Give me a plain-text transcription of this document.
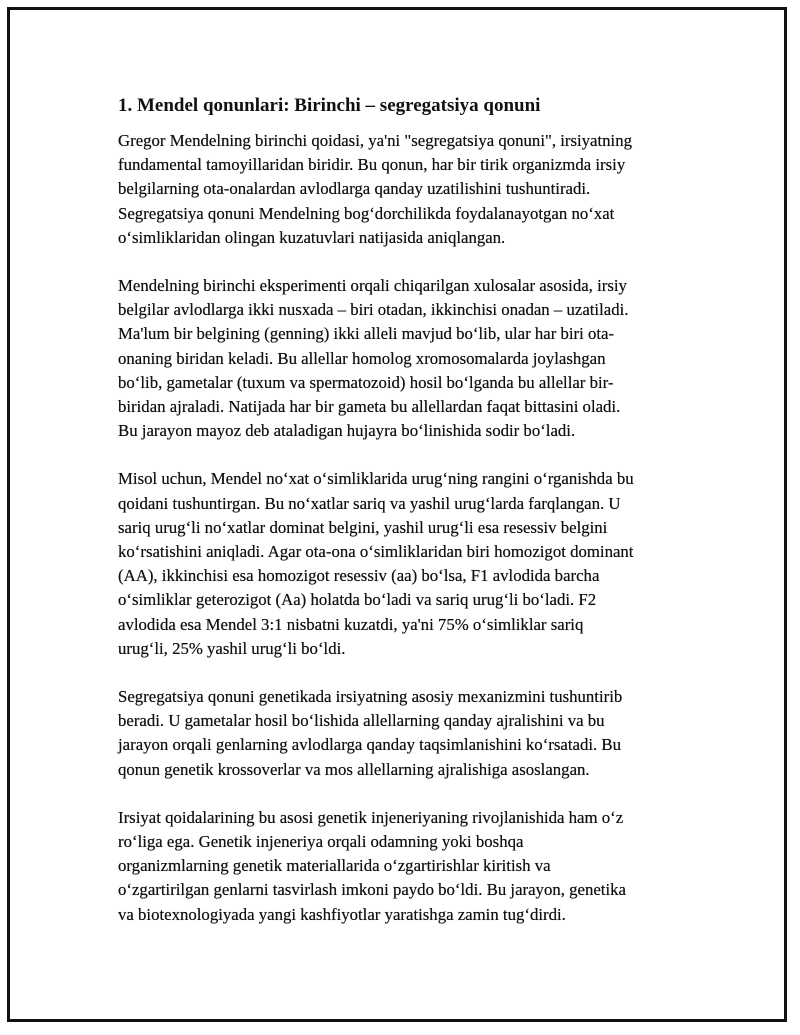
1. Mendel qonunlari: Birinchi – segregatsiya qonuni
Gregor Mendelning birinchi qoidasi, ya'ni "segregatsiya qonuni", irsiyatning
fundamental tamoyillaridan biridir. Bu qonun, har bir tirik organizmda irsiy
belgilarning ota-onalardan avlodlarga qanday uzatilishini tushuntiradi.
Segregatsiya qonuni Mendelning bogʻdorchilikda foydalanayotgan noʻxat
oʻsimliklaridan olingan kuzatuvlari natijasida aniqlangan.
Mendelning birinchi eksperimenti orqali chiqarilgan xulosalar asosida, irsiy
belgilar avlodlarga ikki nusxada – biri otadan, ikkinchisi onadan – uzatiladi.
Ma'lum bir belgining (genning) ikki alleli mavjud boʻlib, ular har biri ota-
onaning biridan keladi. Bu allellar homolog xromosomalarda joylashgan
boʻlib, gametalar (tuxum va spermatozoid) hosil boʻlganda bu allellar bir-
biridan ajraladi. Natijada har bir gameta bu allellardan faqat bittasini oladi.
Bu jarayon mayoz deb ataladigan hujayra boʻlinishida sodir boʻladi.
Misol uchun, Mendel noʻxat oʻsimliklarida urugʻning rangini oʻrganishda bu
qoidani tushuntirgan. Bu noʻxatlar sariq va yashil urugʻlarda farqlangan. U
sariq urugʻli noʻxatlar dominat belgini, yashil urugʻli esa resessiv belgini
koʻrsatishini aniqladi. Agar ota-ona oʻsimliklaridan biri homozigot dominant
(AA), ikkinchisi esa homozigot resessiv (aa) boʻlsa, F1 avlodida barcha
oʻsimliklar geterozigot (Aa) holatda boʻladi va sariq urugʻli boʻladi. F2
avlodida esa Mendel 3:1 nisbatni kuzatdi, ya'ni 75% oʻsimliklar sariq
urugʻli, 25% yashil urugʻli boʻldi.
Segregatsiya qonuni genetikada irsiyatning asosiy mexanizmini tushuntirib
beradi. U gametalar hosil boʻlishida allellarning qanday ajralishini va bu
jarayon orqali genlarning avlodlarga qanday taqsimlanishini koʻrsatadi. Bu
qonun genetik krossoverlar va mos allellarning ajralishiga asoslangan.
Irsiyat qoidalarining bu asosi genetik injeneriyaning rivojlanishida ham oʻz
roʻliga ega. Genetik injeneriya orqali odamning yoki boshqa
organizmlarning genetik materiallarida oʻzgartirishlar kiritish va
oʻzgartirilgan genlarni tasvirlash imkoni paydo boʻldi. Bu jarayon, genetika
va biotexnologiyada yangi kashfiyotlar yaratishga zamin tugʻdirdi.
